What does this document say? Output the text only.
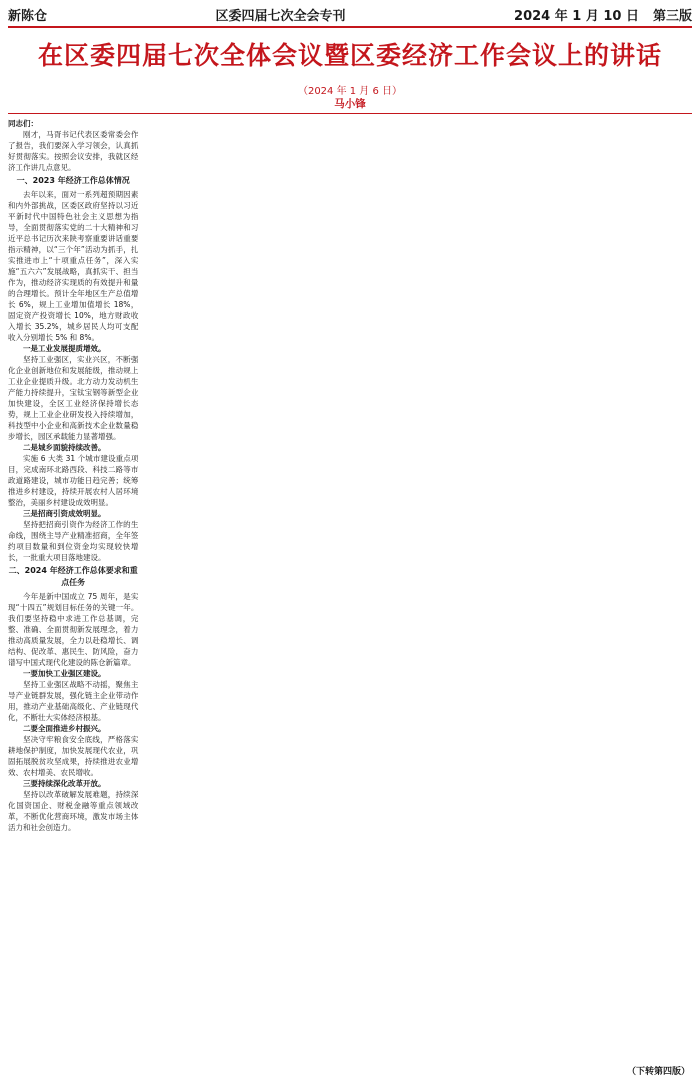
新陈仓	区委四届七次全会专刊	2024 年 1 月 10 日 第三版
在区委四届七次全体会议暨区委经济工作会议上的讲话
（2024 年 1 月 6 日）
马小锋

同志们：

刚才，马胥书记代表区委常委会作了报告，我们要深入学习领会，认真抓好贯彻落实。按照会议安排，我就区经济工作讲几点意见。

一、2023 年经济工作总体情况

去年以来，面对一系列超预期因素和内外部挑战，区委区政府坚持以习近平新时代中国特色社会主义思想为指导，全面贯彻落实党的二十大精神和习近平总书记历次来陕考察重要讲话重要指示精神，以“三个年”活动为抓手，扎实推进市上“十项重点任务”，深入实施“五六六”发展战略，真抓实干、担当作为，推动经济实现质的有效提升和量的合理增长。预计全年地区生产总值增长 6%，规上工业增加值增长 18%，固定资产投资增长 10%，地方财政收入增长 35.2%，城乡居民人均可支配收入分别增长 5% 和 8%。

一是工业发展提质增效。

坚持工业强区，实业兴区，不断强化企业创新地位和发展能级，推动规上工业企业提质升级。北方动力发动机生产能力持续提升，宝钛宝钢等新型企业加快建设，全区工业经济保持增长态势，规上工业企业研发投入持续增加，科技型中小企业和高新技术企业数量稳步增长，园区承载能力显著增强。

二是城乡面貌持续改善。

实施 6 大类 31 个城市建设重点项目，完成南环北路西段、科技二路等市政道路建设，城市功能日趋完善；统筹推进乡村建设，持续开展农村人居环境整治，美丽乡村建设成效明显。

三是招商引资成效明显。

坚持把招商引资作为经济工作的生命线，围绕主导产业精准招商，全年签约项目数量和到位资金均实现较快增长，一批重大项目落地建设。

二、2024 年经济工作总体要求和重点任务

今年是新中国成立 75 周年，是实现“十四五”规划目标任务的关键一年。我们要坚持稳中求进工作总基调，完整、准确、全面贯彻新发展理念，着力推动高质量发展，全力以赴稳增长、调结构、促改革、惠民生、防风险，奋力谱写中国式现代化建设的陈仓新篇章。

一要加快工业强区建设。

坚持工业强区战略不动摇，聚焦主导产业链群发展，强化链主企业带动作用，推动产业基础高级化、产业链现代化，不断壮大实体经济根基。

二要全面推进乡村振兴。

坚决守牢粮食安全底线，严格落实耕地保护制度，加快发展现代农业，巩固拓展脱贫攻坚成果，持续推进农业增效、农村增美、农民增收。

三要持续深化改革开放。

坚持以改革破解发展难题，持续深化国资国企、财税金融等重点领域改革，不断优化营商环境，激发市场主体活力和社会创造力。

（下转第四版）
